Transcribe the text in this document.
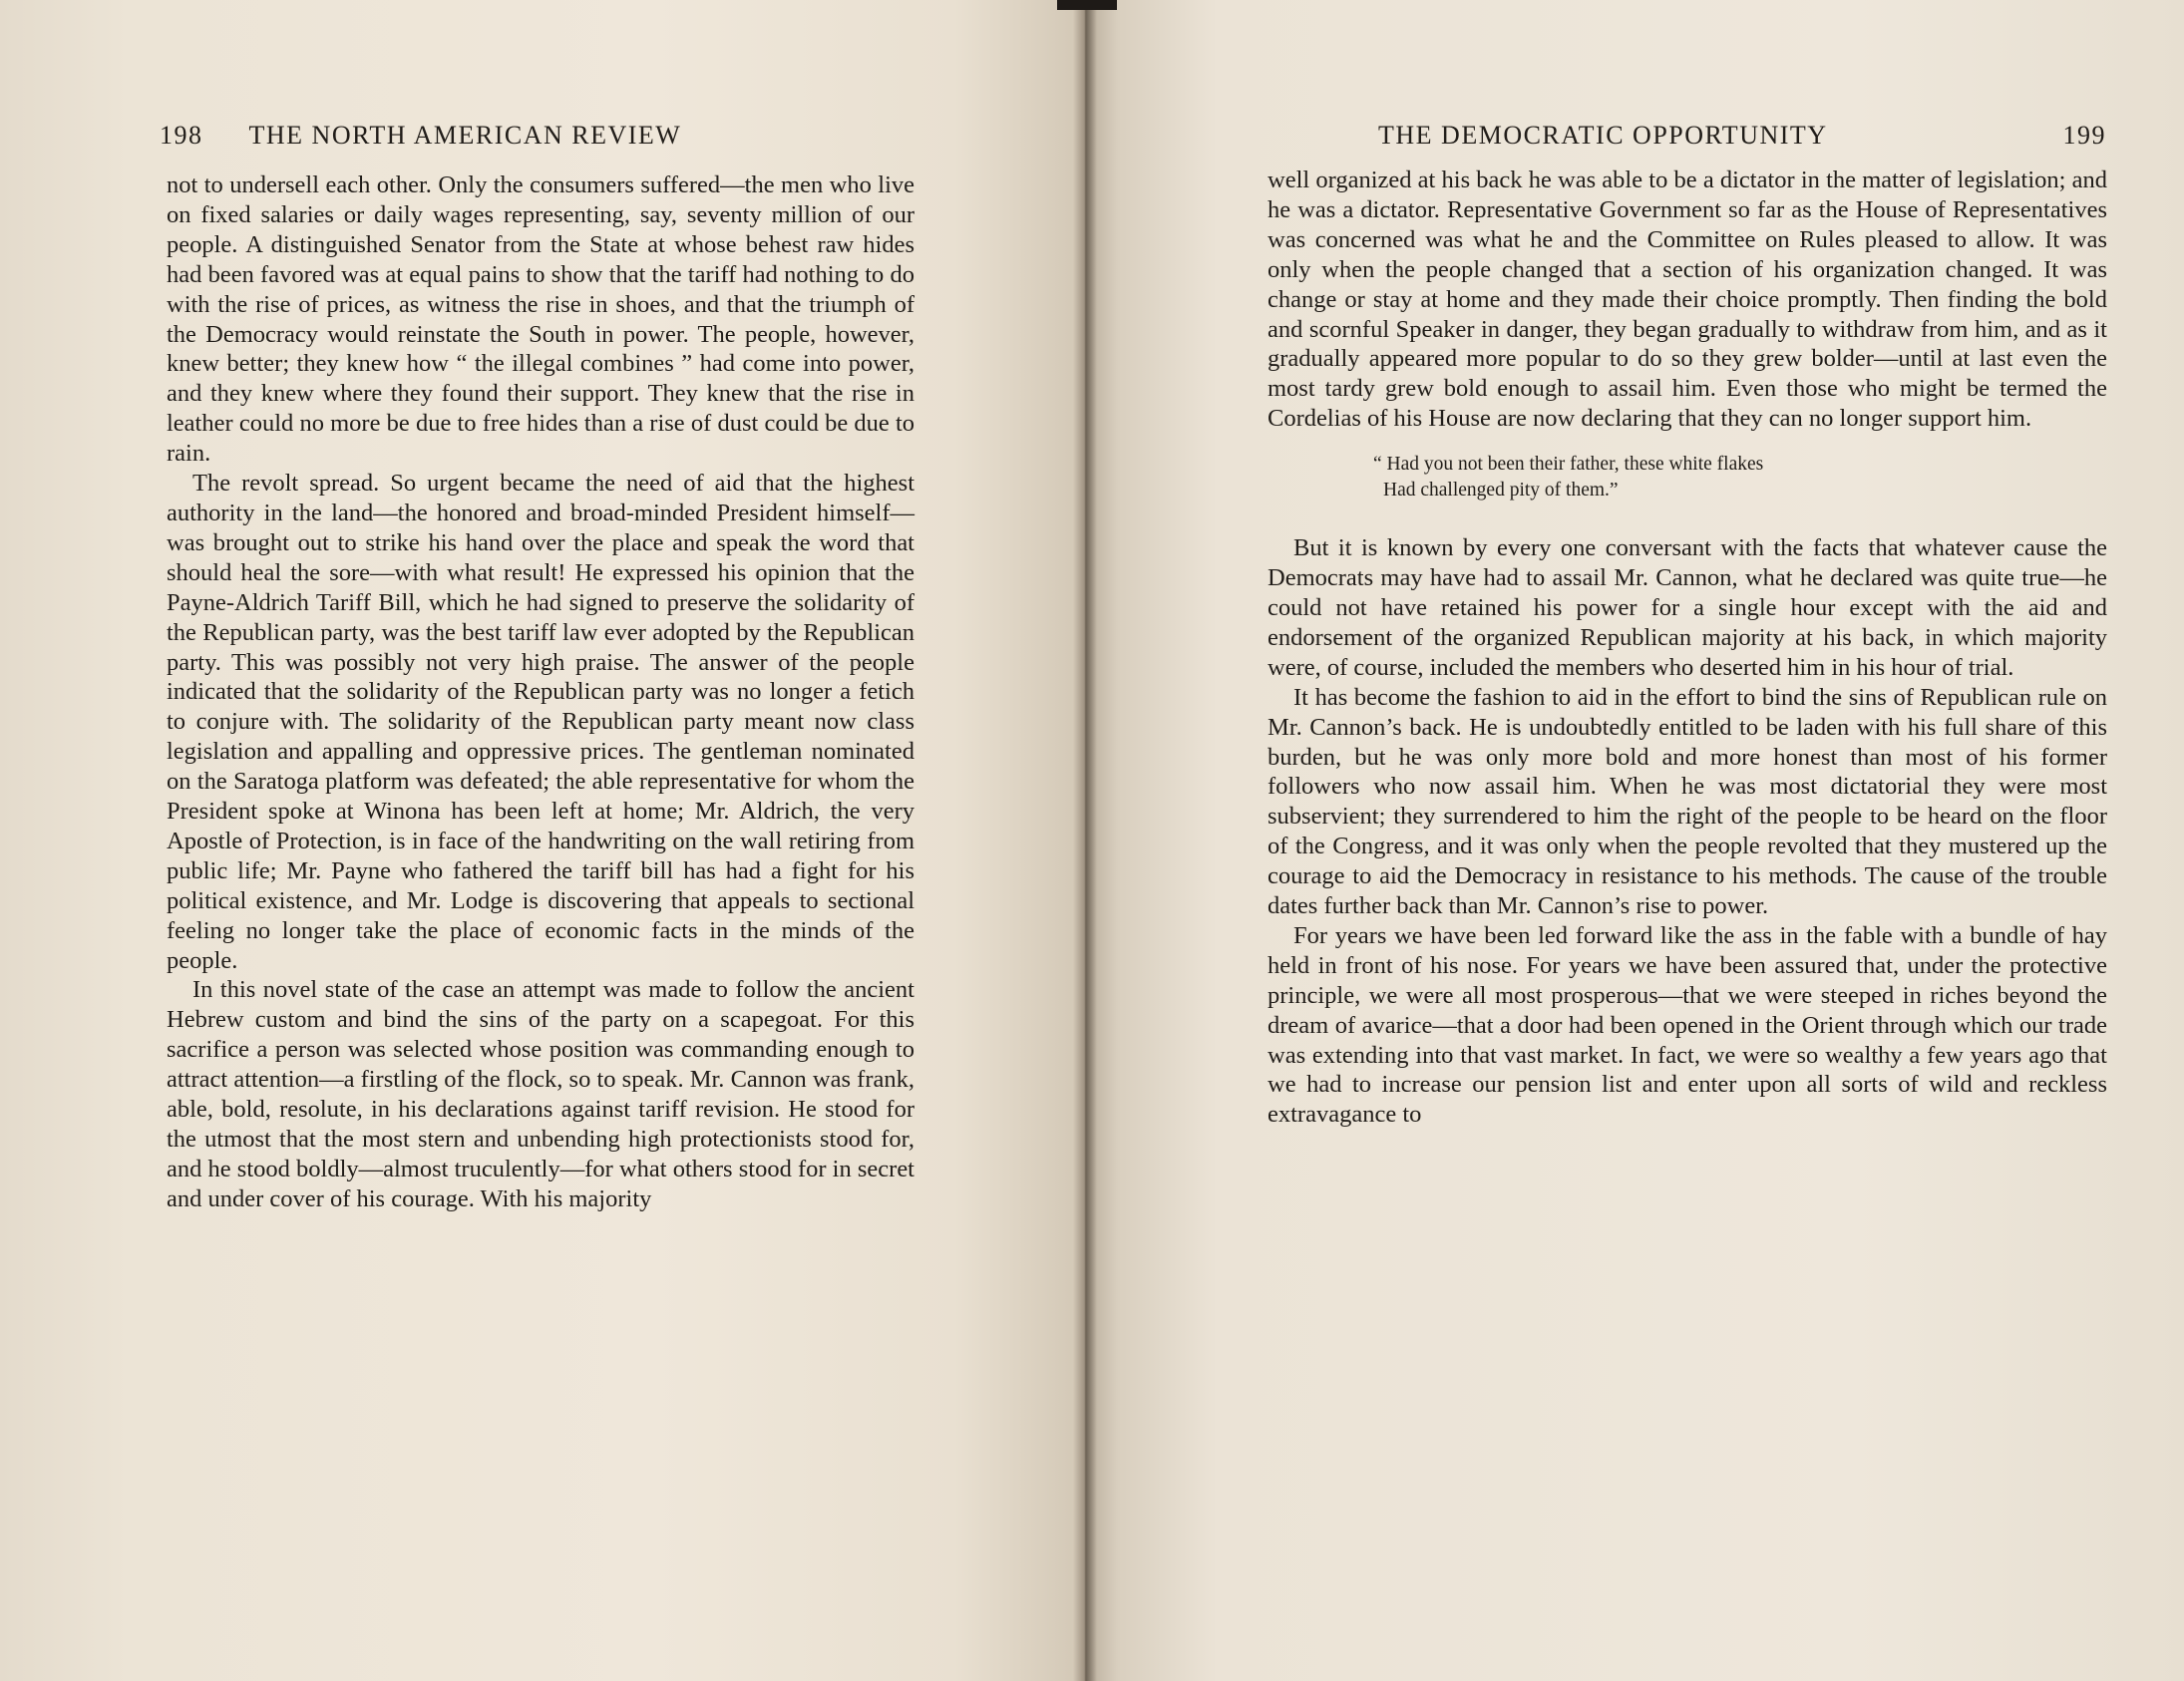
198 THE NORTH AMERICAN REVIEW

not to undersell each other. Only the consumers suffered—the men who live on fixed salaries or daily wages representing, say, seventy million of our people. A distinguished Senator from the State at whose behest raw hides had been favored was at equal pains to show that the tariff had nothing to do with the rise of prices, as witness the rise in shoes, and that the triumph of the Democracy would reinstate the South in power. The people, however, knew better; they knew how “ the illegal combines ” had come into power, and they knew where they found their support. They knew that the rise in leather could no more be due to free hides than a rise of dust could be due to rain.

The revolt spread. So urgent became the need of aid that the highest authority in the land—the honored and broad-minded President himself—was brought out to strike his hand over the place and speak the word that should heal the sore—with what result! He expressed his opinion that the Payne-Aldrich Tariff Bill, which he had signed to preserve the solidarity of the Republican party, was the best tariff law ever adopted by the Republican party. This was possibly not very high praise. The answer of the people indicated that the solidarity of the Republican party was no longer a fetich to conjure with. The solidarity of the Republican party meant now class legislation and appalling and oppressive prices. The gentleman nominated on the Saratoga platform was defeated; the able representative for whom the President spoke at Winona has been left at home; Mr. Aldrich, the very Apostle of Protection, is in face of the handwriting on the wall retiring from public life; Mr. Payne who fathered the tariff bill has had a fight for his political existence, and Mr. Lodge is discovering that appeals to sectional feeling no longer take the place of economic facts in the minds of the people.

In this novel state of the case an attempt was made to follow the ancient Hebrew custom and bind the sins of the party on a scapegoat. For this sacrifice a person was selected whose position was commanding enough to attract attention—a firstling of the flock, so to speak. Mr. Cannon was frank, able, bold, resolute, in his declarations against tariff revision. He stood for the utmost that the most stern and unbending high protectionists stood for, and he stood boldly—almost truculently—for what others stood for in secret and under cover of his courage. With his majority

THE DEMOCRATIC OPPORTUNITY	199

well organized at his back he was able to be a dictator in the matter of legislation; and he was a dictator. Representative Government so far as the House of Representatives was concerned was what he and the Committee on Rules pleased to allow. It was only when the people changed that a section of his organization changed. It was change or stay at home and they made their choice promptly. Then finding the bold and scornful Speaker in danger, they began gradually to withdraw from him, and as it gradually appeared more popular to do so they grew bolder—until at last even the most tardy grew bold enough to assail him. Even those who might be termed the Cordelias of his House are now declaring that they can no longer support him.

“ Had you not been their father, these white flakes
Had challenged pity of them.”

But it is known by every one conversant with the facts that whatever cause the Democrats may have had to assail Mr. Cannon, what he declared was quite true—he could not have retained his power for a single hour except with the aid and endorsement of the organized Republican majority at his back, in which majority were, of course, included the members who deserted him in his hour of trial.

It has become the fashion to aid in the effort to bind the sins of Republican rule on Mr. Cannon’s back. He is undoubtedly entitled to be laden with his full share of this burden, but he was only more bold and more honest than most of his former followers who now assail him. When he was most dictatorial they were most subservient; they surrendered to him the right of the people to be heard on the floor of the Congress, and it was only when the people revolted that they mustered up the courage to aid the Democracy in resistance to his methods. The cause of the trouble dates further back than Mr. Cannon’s rise to power.

For years we have been led forward like the ass in the fable with a bundle of hay held in front of his nose. For years we have been assured that, under the protective principle, we were all most prosperous—that we were steeped in riches beyond the dream of avarice—that a door had been opened in the Orient through which our trade was extending into that vast market. In fact, we were so wealthy a few years ago that we had to increase our pension list and enter upon all sorts of wild and reckless extravagance to
